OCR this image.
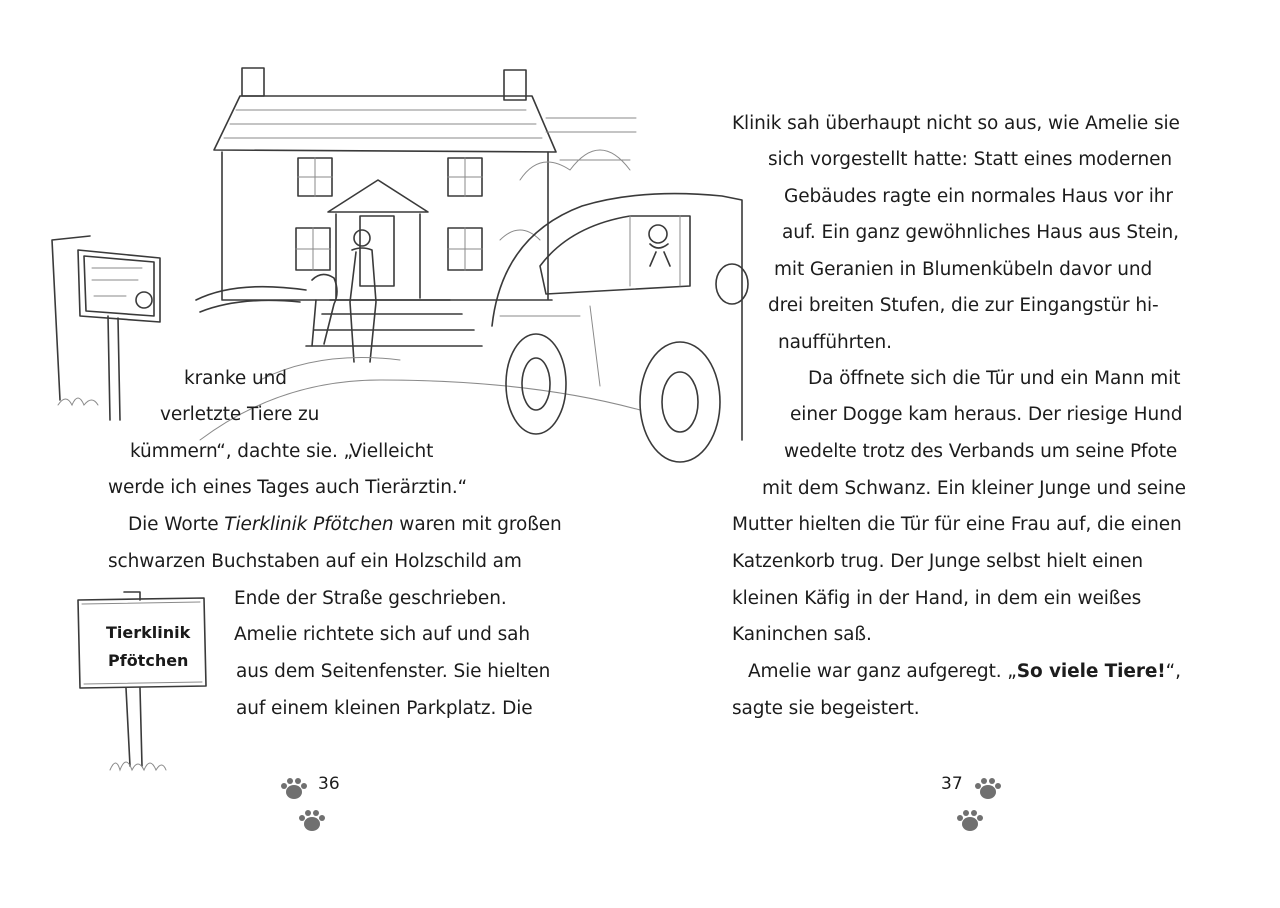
kranke und
verletzte Tiere zu
kümmern“, dachte sie. „Vielleicht
werde ich eines Tages auch Tierärztin.“
Die Worte Tierklinik Pfötchen waren mit großen
schwarzen Buchstaben auf ein Holzschild am
Ende der Straße geschrieben.
Amelie richtete sich auf und sah
aus dem Seitenfenster. Sie hielten
auf einem kleinen Parkplatz. Die
Tierklinik
Pfötchen
36
Klinik sah überhaupt nicht so aus, wie Amelie sie
sich vorgestellt hatte: Statt eines modernen
Gebäudes ragte ein normales Haus vor ihr
auf. Ein ganz gewöhnliches Haus aus Stein,
mit Geranien in Blumenkübeln davor und
drei breiten Stufen, die zur Eingangstür hi-
naufführten.
Da öffnete sich die Tür und ein Mann mit
einer Dogge kam heraus. Der riesige Hund
wedelte trotz des Verbands um seine Pfote
mit dem Schwanz. Ein kleiner Junge und seine
Mutter hielten die Tür für eine Frau auf, die einen
Katzenkorb trug. Der Junge selbst hielt einen
kleinen Käfig in der Hand, in dem ein weißes
Kaninchen saß.
Amelie war ganz aufgeregt. „So viele Tiere!“,
sagte sie begeistert.
37
